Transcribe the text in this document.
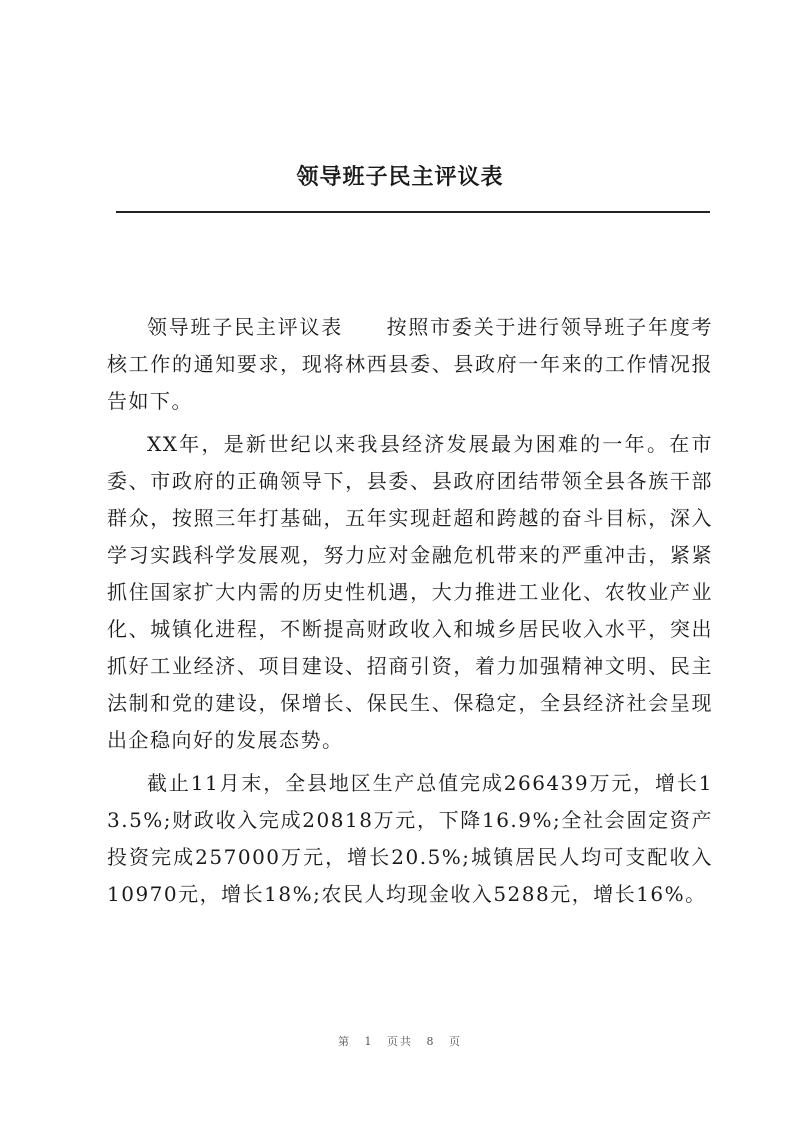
领导班子民主评议表

领导班子民主评议表　　按照市委关于进行领导班子年度考核工作的通知要求，现将林西县委、县政府一年来的工作情况报告如下。

XX年，是新世纪以来我县经济发展最为困难的一年。在市委、市政府的正确领导下，县委、县政府团结带领全县各族干部群众，按照三年打基础，五年实现赶超和跨越的奋斗目标，深入学习实践科学发展观，努力应对金融危机带来的严重冲击，紧紧抓住国家扩大内需的历史性机遇，大力推进工业化、农牧业产业化、城镇化进程，不断提高财政收入和城乡居民收入水平，突出抓好工业经济、项目建设、招商引资，着力加强精神文明、民主法制和党的建设，保增长、保民生、保稳定，全县经济社会呈现出企稳向好的发展态势。

截止11月末，全县地区生产总值完成266439万元，增长13.5%;财政收入完成20818万元，下降16.9%;全社会固定资产投资完成257000万元，增长20.5%;城镇居民人均可支配收入10970元，增长18%;农民人均现金收入5288元，增长16%。

第 1 页共 8 页
